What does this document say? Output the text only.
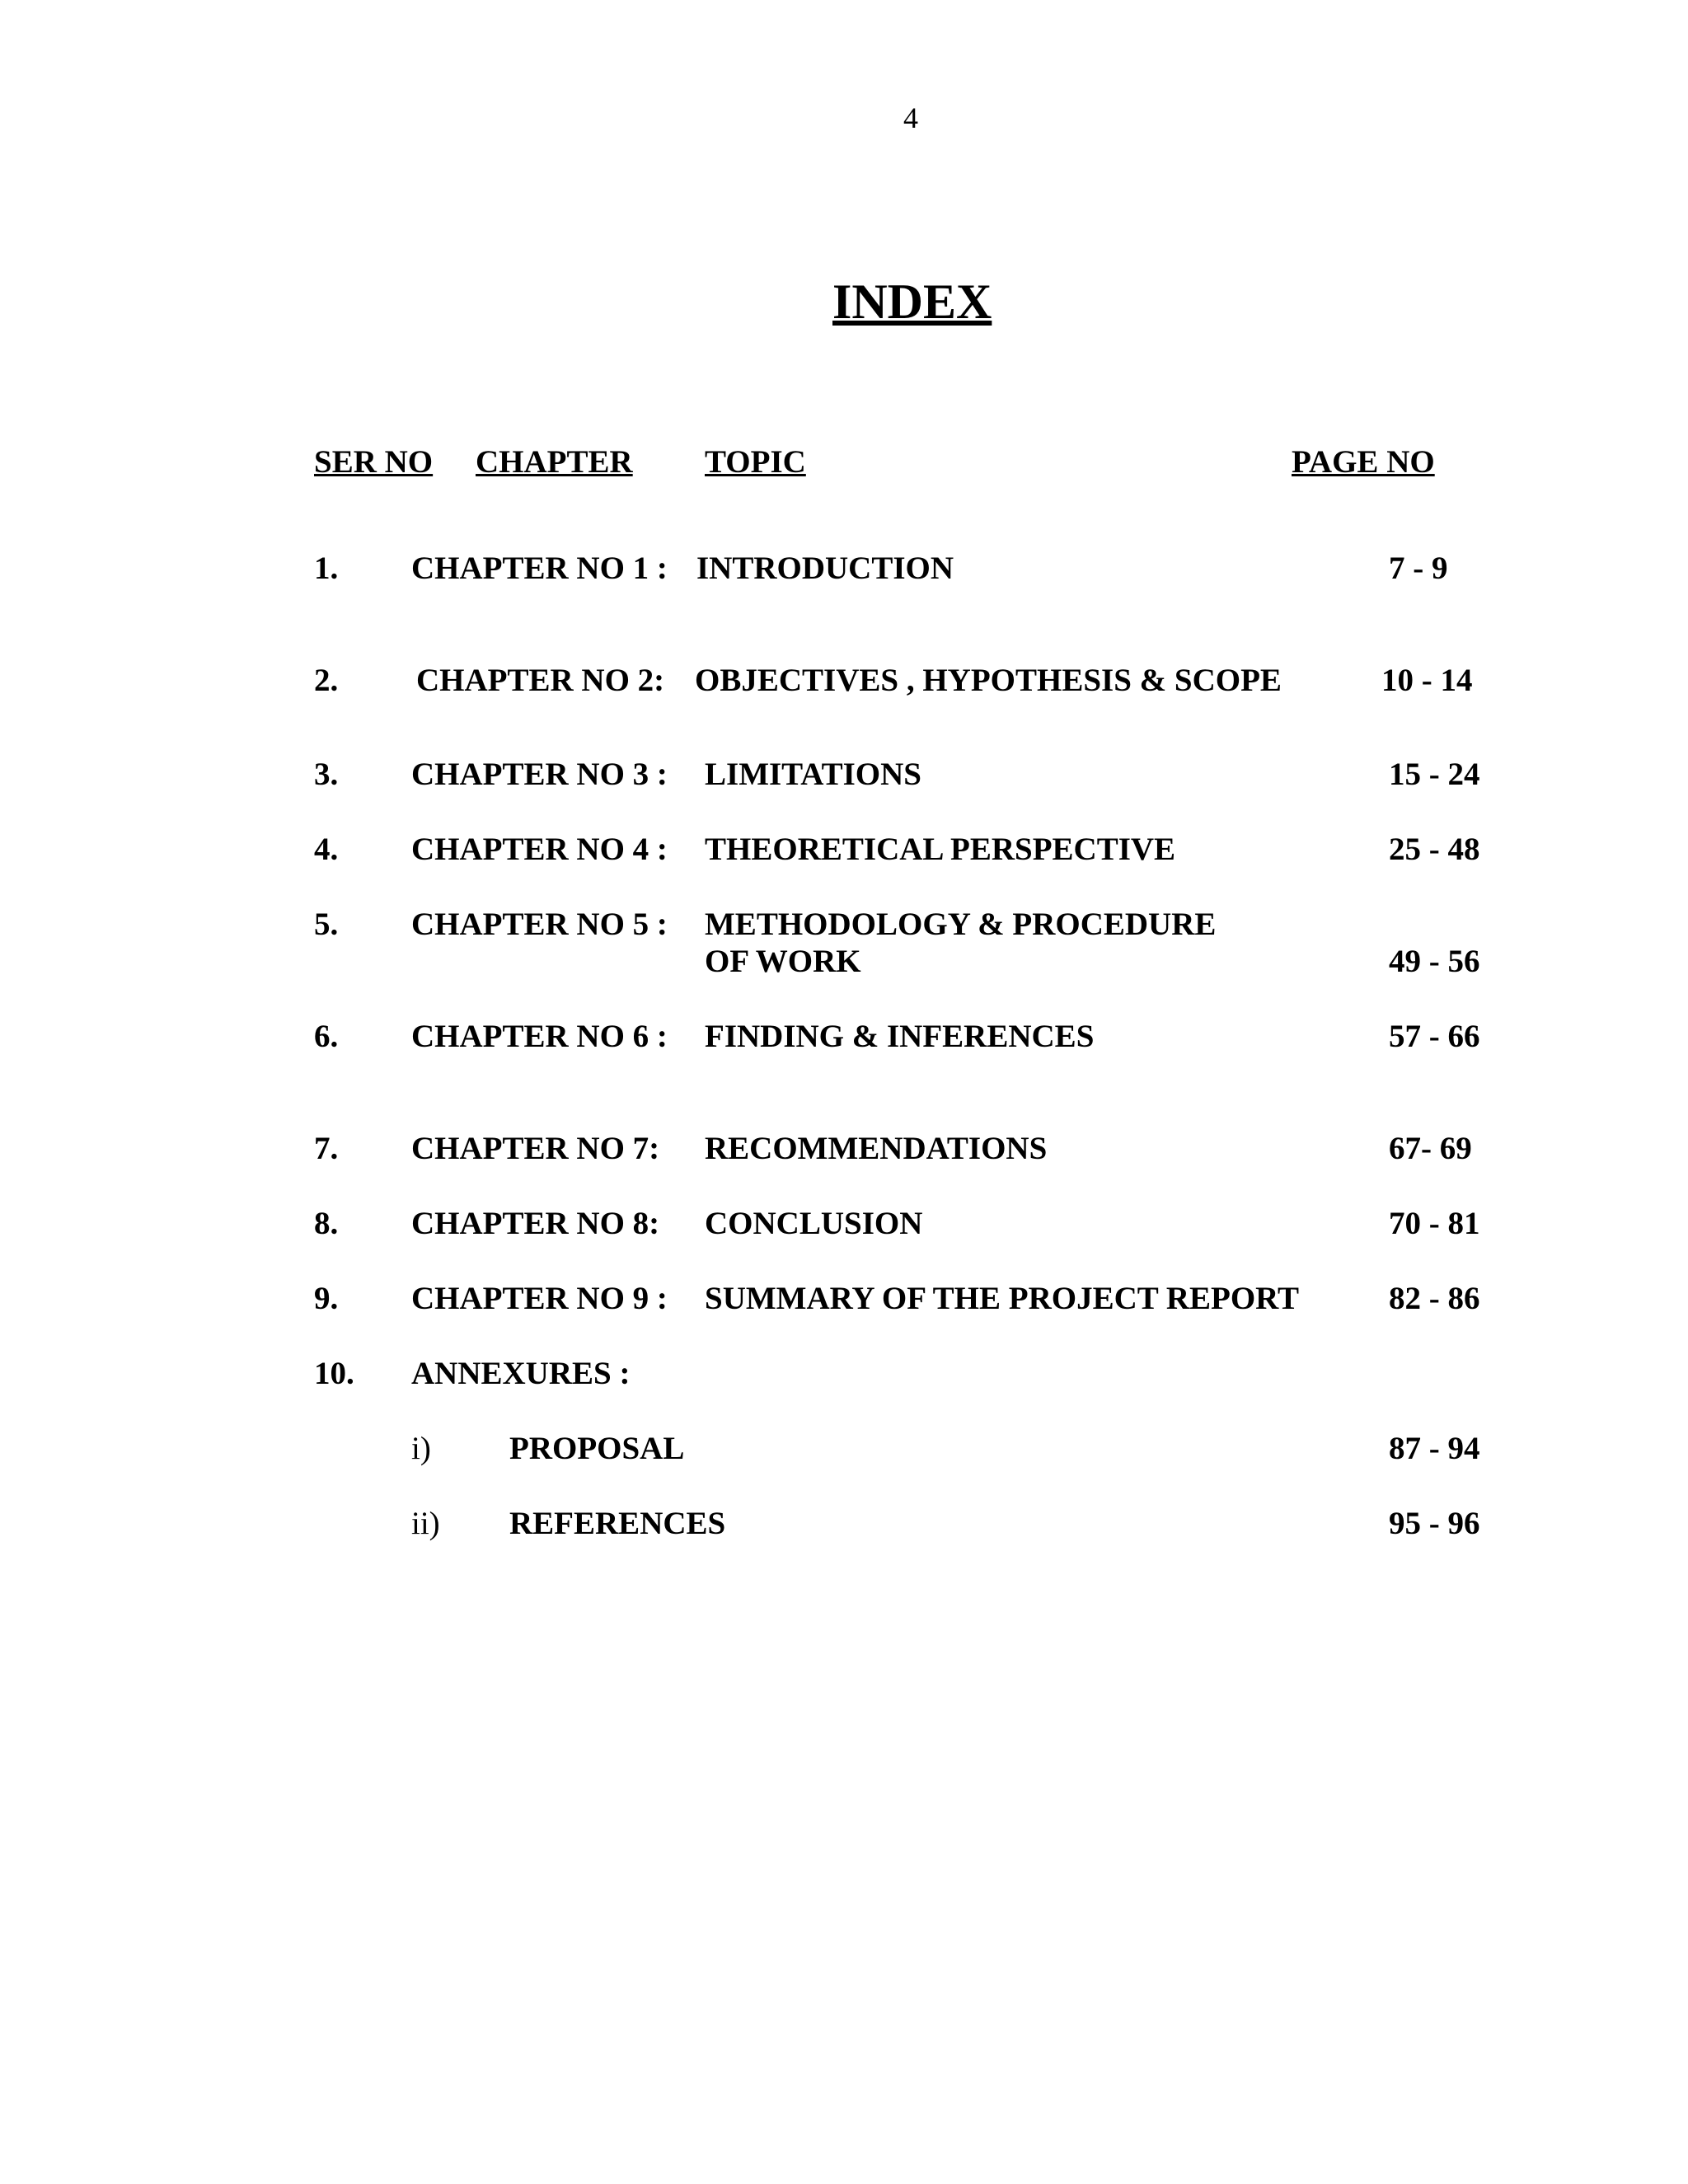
4
INDEX
SER NO CHAPTER TOPIC	PAGE NO
1. CHAPTER NO 1 : INTRODUCTION	7 - 9
2. CHAPTER NO 2: OBJECTIVES , HYPOTHESIS & SCOPE	10 - 14
3. CHAPTER NO 3 : LIMITATIONS	15 - 24
4. CHAPTER NO 4 : THEORETICAL PERSPECTIVE	25 - 48
5. CHAPTER NO 5 : METHODOLOGY & PROCEDURE
OF WORK	49 - 56
6. CHAPTER NO 6 : FINDING & INFERENCES	57 - 66
7. CHAPTER NO 7: RECOMMENDATIONS	67- 69
8. CHAPTER NO 8: CONCLUSION	70 - 81
9. CHAPTER NO 9 : SUMMARY OF THE PROJECT REPORT	82 - 86
10. ANNEXURES :
i) PROPOSAL	87 - 94
ii) REFERENCES	95 - 96
